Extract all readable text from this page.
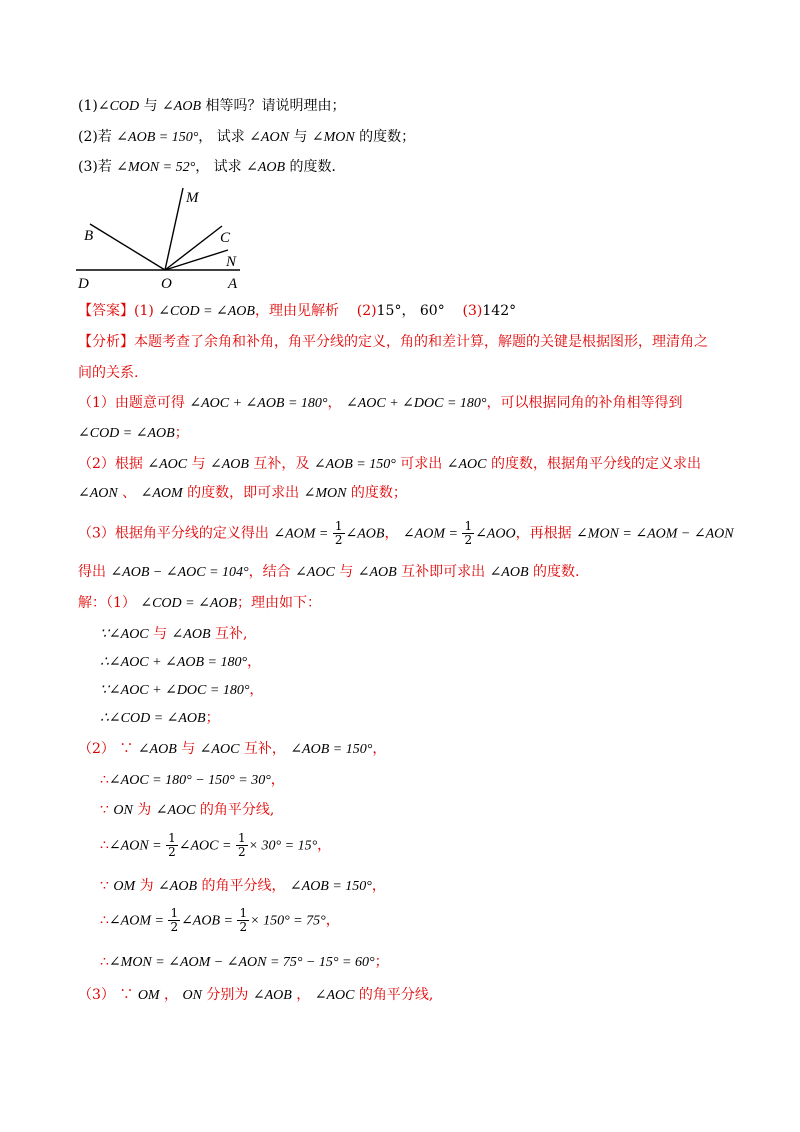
(1)∠COD 与 ∠AOB 相等吗？请说明理由；
(2)若 ∠AOB = 150°， 试求 ∠AON 与 ∠MON 的度数；
(3)若 ∠MON = 52°， 试求 ∠AOB 的度数．
M
B	C
N
D	O	A
【答案】(1) ∠COD = ∠AOB，理由见解析 (2)15°， 60° (3)142°
【分析】本题考查了余角和补角，角平分线的定义，角的和差计算，解题的关键是根据图形，理清角之
间的关系.
（1）由题意可得 ∠AOC + ∠AOB = 180°， ∠AOC + ∠DOC = 180°，可以根据同角的补角相等得到
∠COD = ∠AOB；
（2）根据 ∠AOC 与 ∠AOB 互补，及 ∠AOB = 150° 可求出 ∠AOC 的度数，根据角平分线的定义求出
∠AON 、 ∠AOM 的度数，即可求出 ∠MON 的度数；
（3）根据角平分线的定义得出 ∠AOM = $\frac{1}{2}$ ∠AOB， ∠AOM = $\frac{1}{2}$ ∠AOO，再根据 ∠MON = ∠AOM − ∠AON
得出 ∠AOB − ∠AOC = 104°，结合 ∠AOC 与 ∠AOB 互补即可求出 ∠AOB 的度数.
解：（1） ∠COD = ∠AOB；理由如下：
∵∠AOC 与 ∠AOB 互补,
∴∠AOC + ∠AOB = 180°，
∵∠AOC + ∠DOC = 180°，
∴∠COD = ∠AOB；
（2） ∵ ∠AOB 与 ∠AOC 互补， ∠AOB = 150°，
∴∠AOC = 180° − 150° = 30°，
∵ ON 为 ∠AOC 的角平分线,
∴∠AON = $\frac{1}{2}$ ∠AOC = $\frac{1}{2} \times 30^\circ = 15^\circ$，
∵ OM 为 ∠AOB 的角平分线， ∠AOB = 150°，
∴∠AOM = $\frac{1}{2}$ ∠AOB = $\frac{1}{2} \times 150^\circ = 75^\circ$，
∴∠MON = ∠AOM − ∠AON = 75° − 15° = 60°；
（3） ∵ OM ， ON 分别为 ∠AOB ， ∠AOC 的角平分线,
